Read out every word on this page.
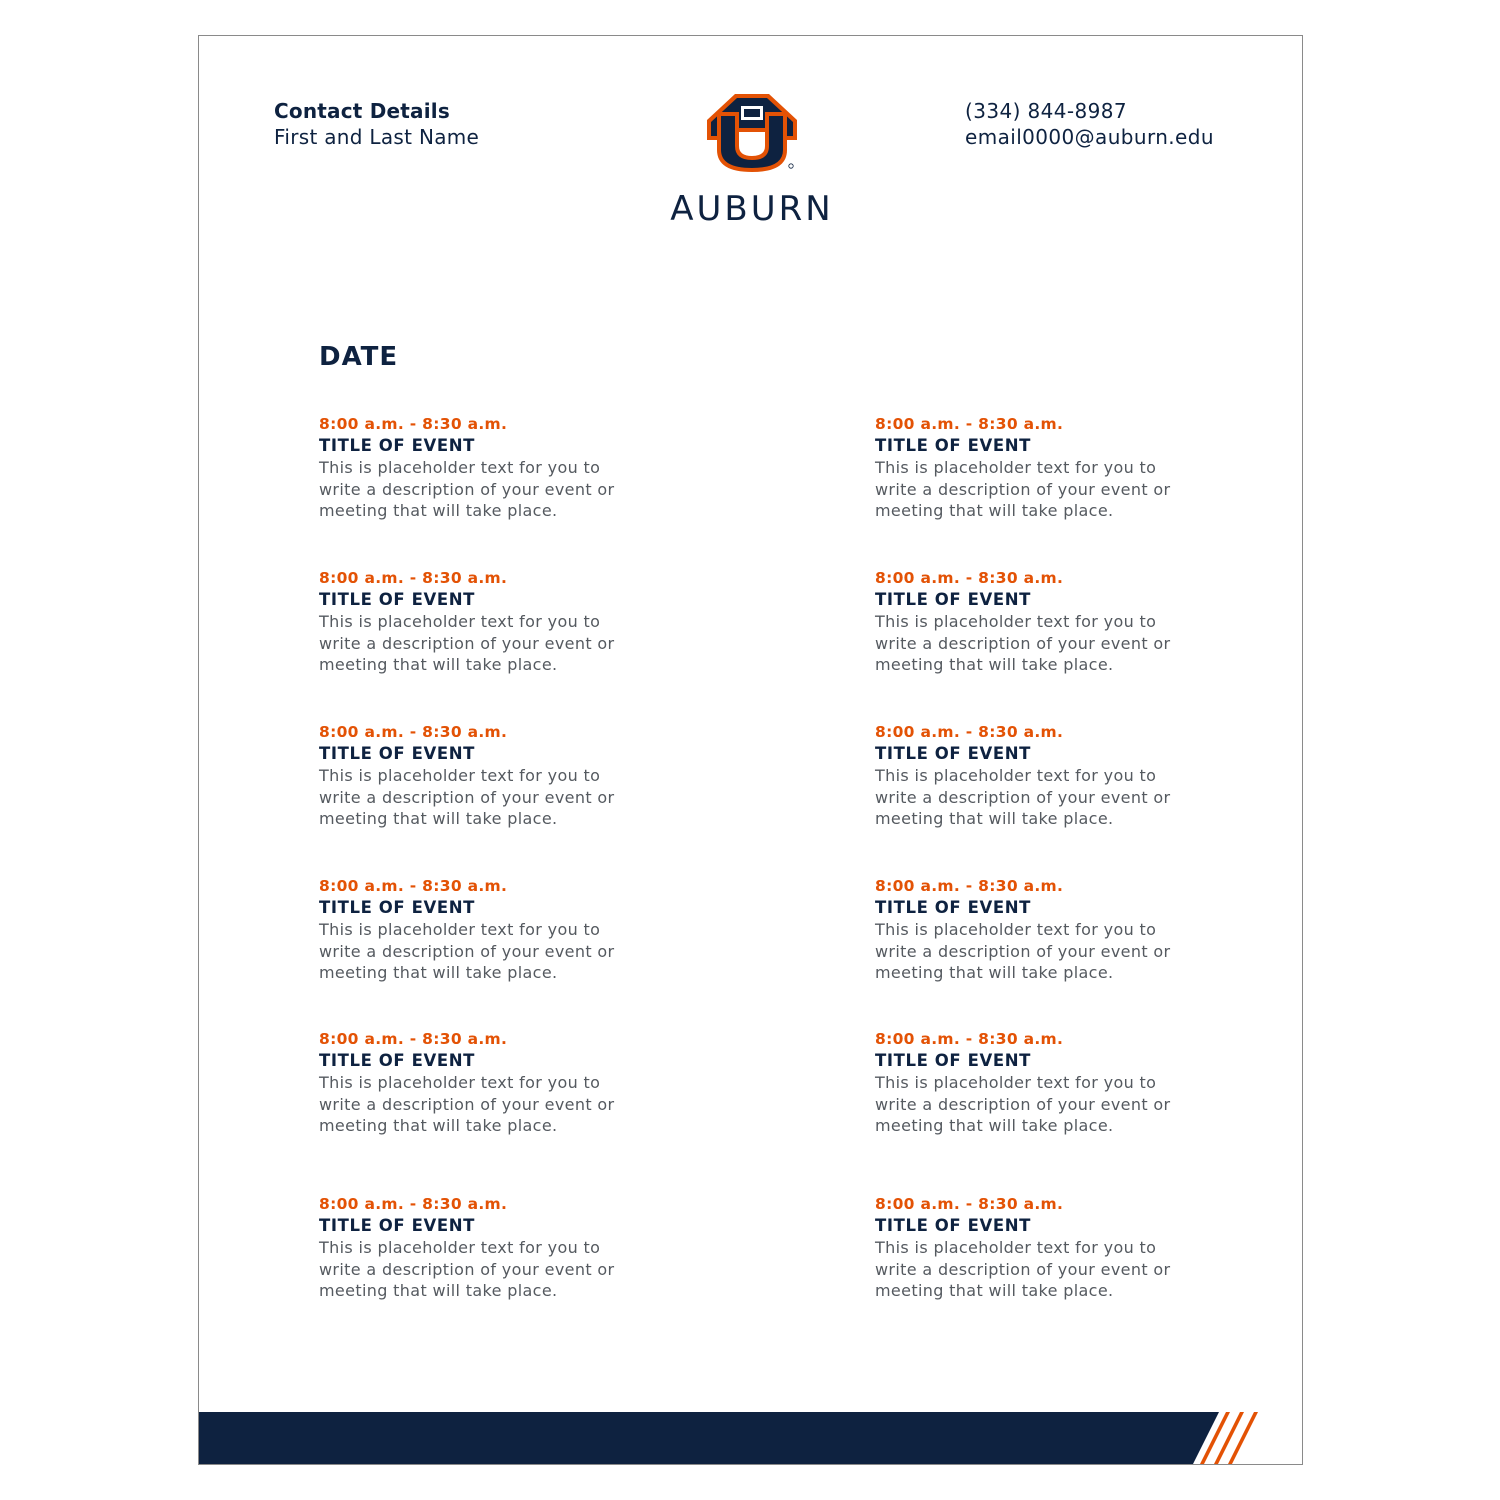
Contact Details
First and Last Name
AUBURN
(334) 844-8987
email0000@auburn.edu
DATE
8:00 a.m. - 8:30 a.m.
TITLE OF EVENT
This is placeholder text for you to write a description of your event or meeting that will take place.
8:00 a.m. - 8:30 a.m.
TITLE OF EVENT
This is placeholder text for you to write a description of your event or meeting that will take place.
8:00 a.m. - 8:30 a.m.
TITLE OF EVENT
This is placeholder text for you to write a description of your event or meeting that will take place.
8:00 a.m. - 8:30 a.m.
TITLE OF EVENT
This is placeholder text for you to write a description of your event or meeting that will take place.
8:00 a.m. - 8:30 a.m.
TITLE OF EVENT
This is placeholder text for you to write a description of your event or meeting that will take place.
8:00 a.m. - 8:30 a.m.
TITLE OF EVENT
This is placeholder text for you to write a description of your event or meeting that will take place.
8:00 a.m. - 8:30 a.m.
TITLE OF EVENT
This is placeholder text for you to write a description of your event or meeting that will take place.
8:00 a.m. - 8:30 a.m.
TITLE OF EVENT
This is placeholder text for you to write a description of your event or meeting that will take place.
8:00 a.m. - 8:30 a.m.
TITLE OF EVENT
This is placeholder text for you to write a description of your event or meeting that will take place.
8:00 a.m. - 8:30 a.m.
TITLE OF EVENT
This is placeholder text for you to write a description of your event or meeting that will take place.
8:00 a.m. - 8:30 a.m.
TITLE OF EVENT
This is placeholder text for you to write a description of your event or meeting that will take place.
8:00 a.m. - 8:30 a.m.
TITLE OF EVENT
This is placeholder text for you to write a description of your event or meeting that will take place.
